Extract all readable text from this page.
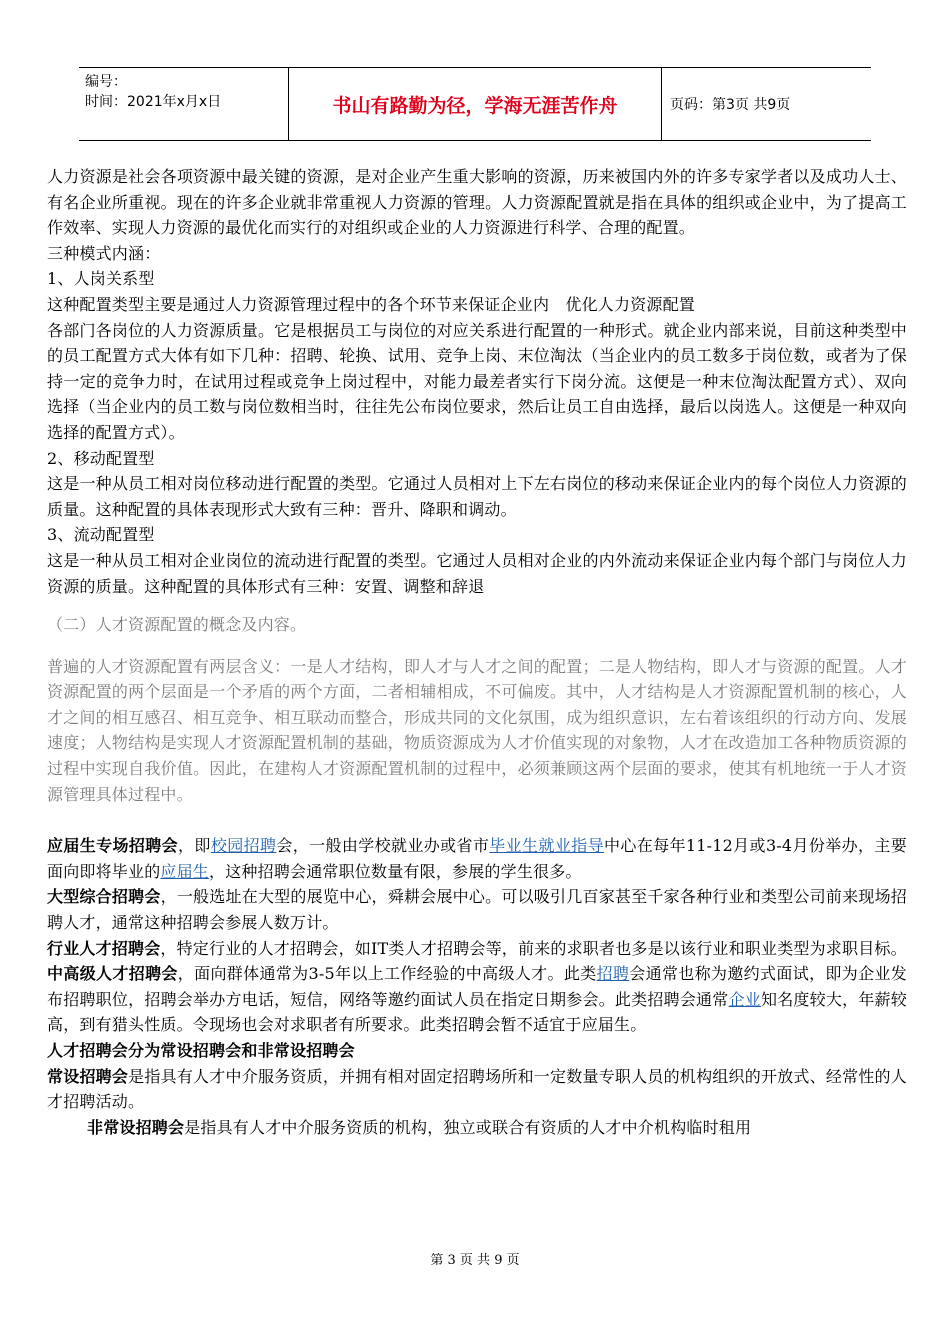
编号：
时间：2021年x月x日	书山有路勤为径，学海无涯苦作舟	页码：第3页 共9页

人力资源是社会各项资源中最关键的资源，是对企业产生重大影响的资源，历来被国内外的许多专家学者以及成功人士、有名企业所重视。现在的许多企业就非常重视人力资源的管理。人力资源配置就是指在具体的组织或企业中，为了提高工作效率、实现人力资源的最优化而实行的对组织或企业的人力资源进行科学、合理的配置。

三种模式内涵：

1、人岗关系型

这种配置类型主要是通过人力资源管理过程中的各个环节来保证企业内　优化人力资源配置

各部门各岗位的人力资源质量。它是根据员工与岗位的对应关系进行配置的一种形式。就企业内部来说，目前这种类型中的员工配置方式大体有如下几种：招聘、轮换、试用、竞争上岗、末位淘汰（当企业内的员工数多于岗位数，或者为了保持一定的竞争力时，在试用过程或竞争上岗过程中，对能力最差者实行下岗分流。这便是一种末位淘汰配置方式）、双向选择（当企业内的员工数与岗位数相当时，往往先公布岗位要求，然后让员工自由选择，最后以岗选人。这便是一种双向选择的配置方式）。

2、移动配置型

这是一种从员工相对岗位移动进行配置的类型。它通过人员相对上下左右岗位的移动来保证企业内的每个岗位人力资源的质量。这种配置的具体表现形式大致有三种：晋升、降职和调动。

3、流动配置型

这是一种从员工相对企业岗位的流动进行配置的类型。它通过人员相对企业的内外流动来保证企业内每个部门与岗位人力资源的质量。这种配置的具体形式有三种：安置、调整和辞退

（二）人才资源配置的概念及内容。

普遍的人才资源配置有两层含义：一是人才结构，即人才与人才之间的配置；二是人物结构，即人才与资源的配置。人才资源配置的两个层面是一个矛盾的两个方面，二者相辅相成，不可偏废。其中，人才结构是人才资源配置机制的核心，人才之间的相互感召、相互竞争、相互联动而整合，形成共同的文化氛围，成为组织意识，左右着该组织的行动方向、发展速度；人物结构是实现人才资源配置机制的基础，物质资源成为人才价值实现的对象物，人才在改造加工各种物质资源的过程中实现自我价值。因此，在建构人才资源配置机制的过程中，必须兼顾这两个层面的要求，使其有机地统一于人才资源管理具体过程中。

应届生专场招聘会，即校园招聘会，一般由学校就业办或省市毕业生就业指导中心在每年11-12月或3-4月份举办，主要面向即将毕业的应届生，这种招聘会通常职位数量有限，参展的学生很多。

大型综合招聘会，一般选址在大型的展览中心，舜耕会展中心。可以吸引几百家甚至千家各种行业和类型公司前来现场招聘人才，通常这种招聘会参展人数万计。

行业人才招聘会，特定行业的人才招聘会，如IT类人才招聘会等，前来的求职者也多是以该行业和职业类型为求职目标。

中高级人才招聘会，面向群体通常为3-5年以上工作经验的中高级人才。此类招聘会通常也称为邀约式面试，即为企业发布招聘职位，招聘会举办方电话，短信，网络等邀约面试人员在指定日期参会。此类招聘会通常企业知名度较大，年薪较高，到有猎头性质。令现场也会对求职者有所要求。此类招聘会暂不适宜于应届生。

人才招聘会分为常设招聘会和非常设招聘会

常设招聘会是指具有人才中介服务资质，并拥有相对固定招聘场所和一定数量专职人员的机构组织的开放式、经常性的人才招聘活动。

非常设招聘会是指具有人才中介服务资质的机构，独立或联合有资质的人才中介机构临时租用

第 3 页 共 9 页
